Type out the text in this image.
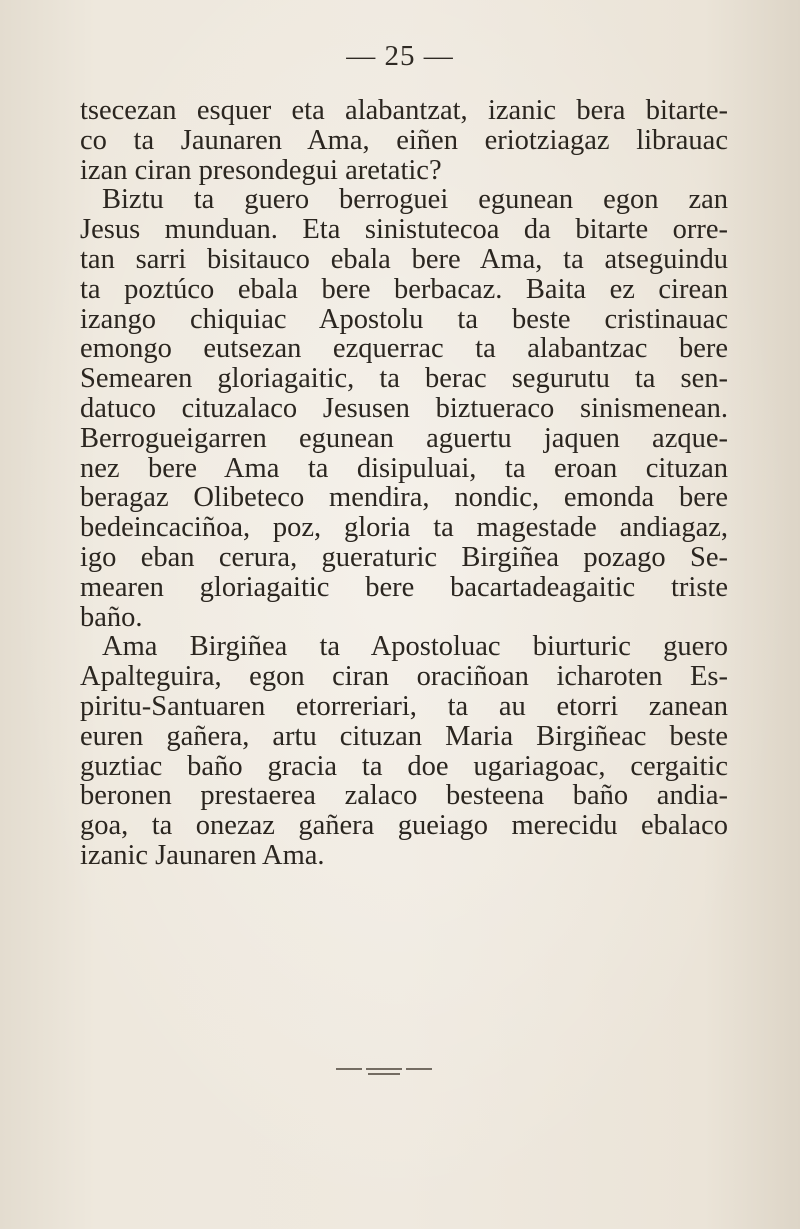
— 25 —
tsecezan esquer eta alabantzat, izanic bera bitarte-
co ta Jaunaren Ama, eiñen eriotziagaz librauac
izan ciran presondegui aretatic?
Biztu ta guero berroguei egunean egon zan
Jesus munduan. Eta sinistutecoa da bitarte orre-
tan sarri bisitauco ebala bere Ama, ta atseguindu
ta poztúco ebala bere berbacaz. Baita ez cirean
izango chiquiac Apostolu ta beste cristinauac
emongo eutsezan ezquerrac ta alabantzac bere
Semearen gloriagaitic, ta berac segurutu ta sen-
datuco cituzalaco Jesusen biztueraco sinismenean.
Berrogueigarren egunean aguertu jaquen azque-
nez bere Ama ta disipuluai, ta eroan cituzan
beragaz Olibeteco mendira, nondic, emonda bere
bedeincaciñoa, poz, gloria ta magestade andiagaz,
igo eban cerura, gueraturic Birgiñea pozago Se-
mearen gloriagaitic bere bacartadeagaitic triste
baño.
Ama Birgiñea ta Apostoluac biurturic guero
Apalteguira, egon ciran oraciñoan icharoten Es-
piritu-Santuaren etorreriari, ta au etorri zanean
euren gañera, artu cituzan Maria Birgiñeac beste
guztiac baño gracia ta doe ugariagoac, cergaitic
beronen prestaerea zalaco besteena baño andia-
goa, ta onezaz gañera gueiago merecidu ebalaco
izanic Jaunaren Ama.
